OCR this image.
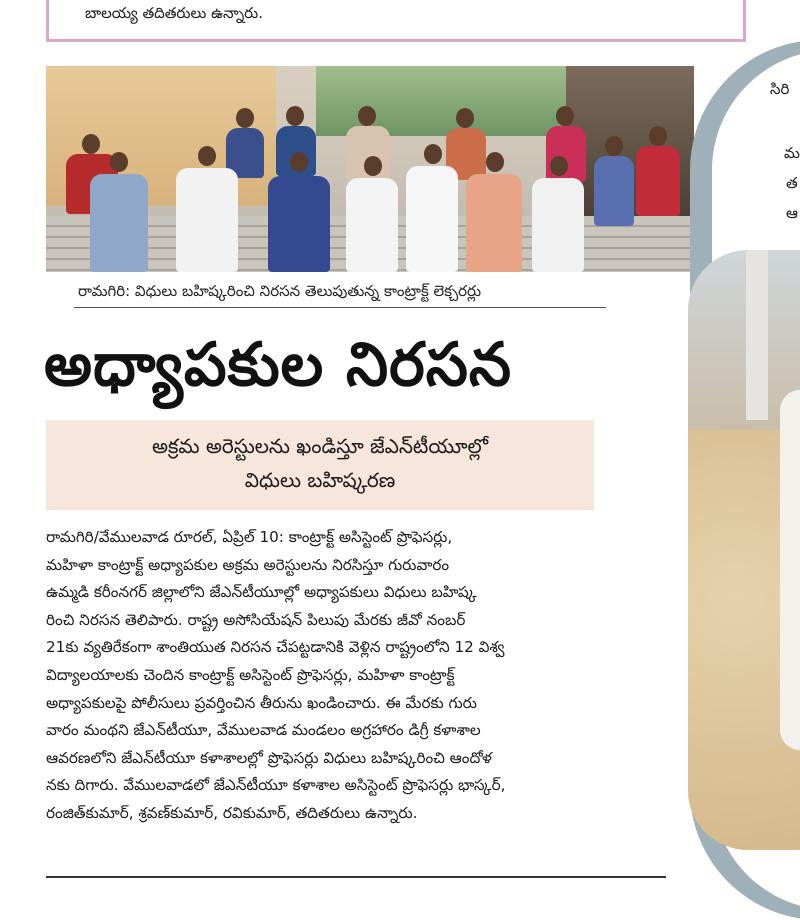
బాలయ్య తదితరులు ఉన్నారు.
రామగిరి: విధులు బహిష్కరించి నిరసన తెలుపుతున్న కాంట్రాక్ట్ లెక్చరర్లు
అధ్యాపకుల నిరసన
అక్రమ అరెస్టులను ఖండిస్తూ జేఎన్‌టీయూల్లో
విధులు బహిష్కరణ
రామగిరి/వేములవాడ రూరల్, ఏప్రిల్ 10: కాంట్రాక్ట్ అసిస్టెంట్ ప్రొఫెసర్లు,
మహిళా కాంట్రాక్ట్ అధ్యాపకుల అక్రమ అరెస్టులను నిరసిస్తూ గురువారం
ఉమ్మడి కరీంనగర్ జిల్లాలోని జేఎన్‌టీయూల్లో అధ్యాపకులు విధులు బహిష్క
రించి నిరసన తెలిపారు. రాష్ట్ర అసోసియేషన్ పిలుపు మేరకు జీవో నంబర్
21కు వ్యతిరేకంగా శాంతియుత నిరసన చేపట్టడానికి వెళ్లిన రాష్ట్రంలోని 12 విశ్వ
విద్యాలయాలకు చెందిన కాంట్రాక్ట్ అసిస్టెంట్ ప్రొఫెసర్లు, మహిళా కాంట్రాక్ట్
అధ్యాపకులపై పోలీసులు ప్రవర్తించిన తీరును ఖండించారు. ఈ మేరకు గురు
వారం మంథని జేఎన్‌టీయూ, వేములవాడ మండలం అగ్రహారం డిగ్రీ కళాశాల
ఆవరణలోని జేఎన్‌టీయూ కళాశాలల్లో ప్రొఫెసర్లు విధులు బహిష్కరించి ఆందోళ
నకు దిగారు. వేములవాడలో జేఎన్‌టీయూ కళాశాల అసిస్టెంట్ ప్రొఫెసర్లు భాస్కర్,
రంజిత్‌కుమార్, శ్రవణ్‌కుమార్, రవికుమార్, తదితరులు ఉన్నారు.
సిరి
మ
త
ఆ
